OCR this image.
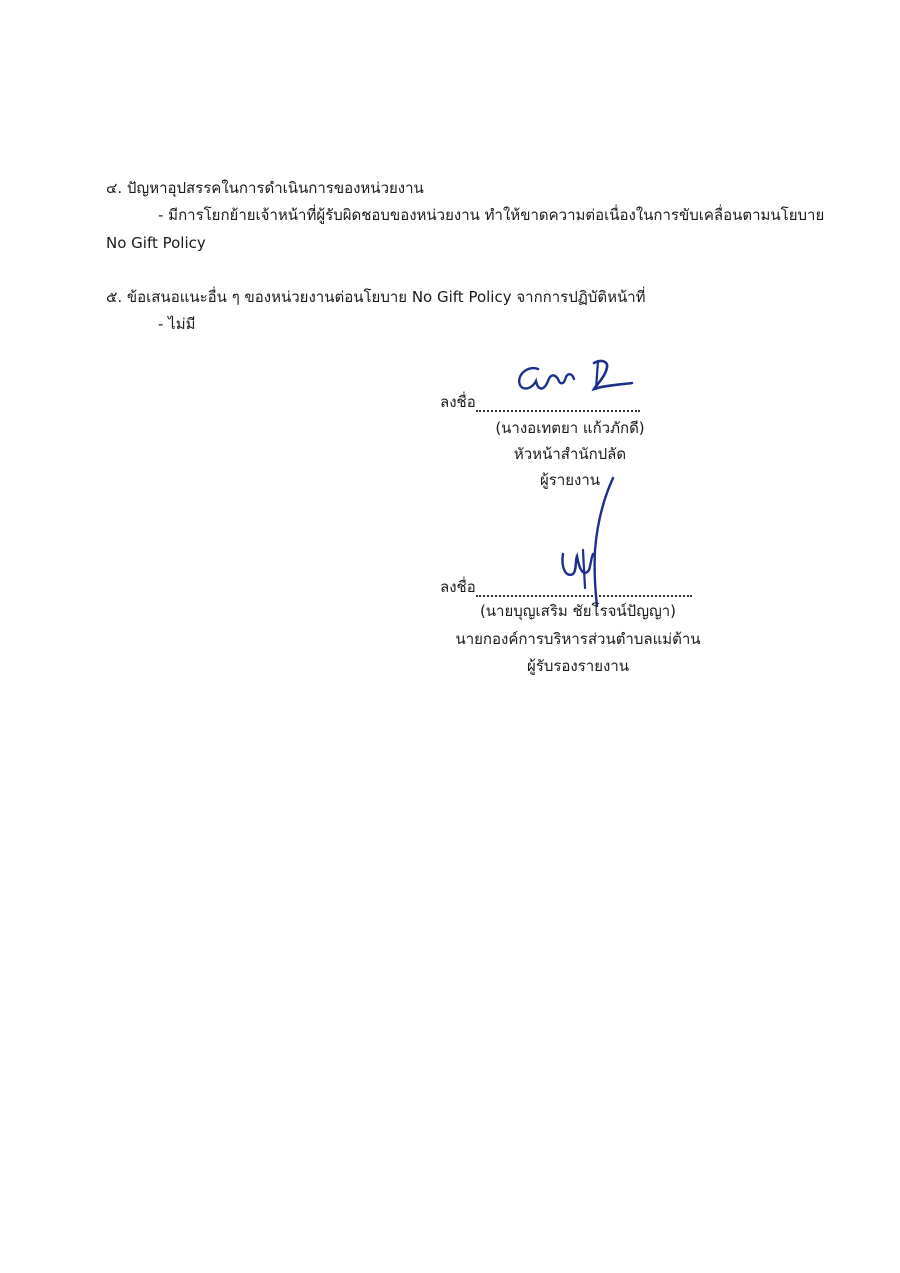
๔. ปัญหาอุปสรรคในการดำเนินการของหน่วยงาน
- มีการโยกย้ายเจ้าหน้าที่ผู้รับผิดชอบของหน่วยงาน ทำให้ขาดความต่อเนื่องในการขับเคลื่อนตามนโยบาย
No Gift Policy
๕. ข้อเสนอแนะอื่น ๆ ของหน่วยงานต่อนโยบาย No Gift Policy จากการปฏิบัติหน้าที่
- ไม่มี
ลงชื่อ
(นางอเทตยา แก้วภักดี)
หัวหน้าสำนักปลัด
ผู้รายงาน
ลงชื่อ
(นายบุญเสริม ชัยโรจน์ปัญญา)
นายกองค์การบริหารส่วนตำบลแม่ต้าน
ผู้รับรองรายงาน
